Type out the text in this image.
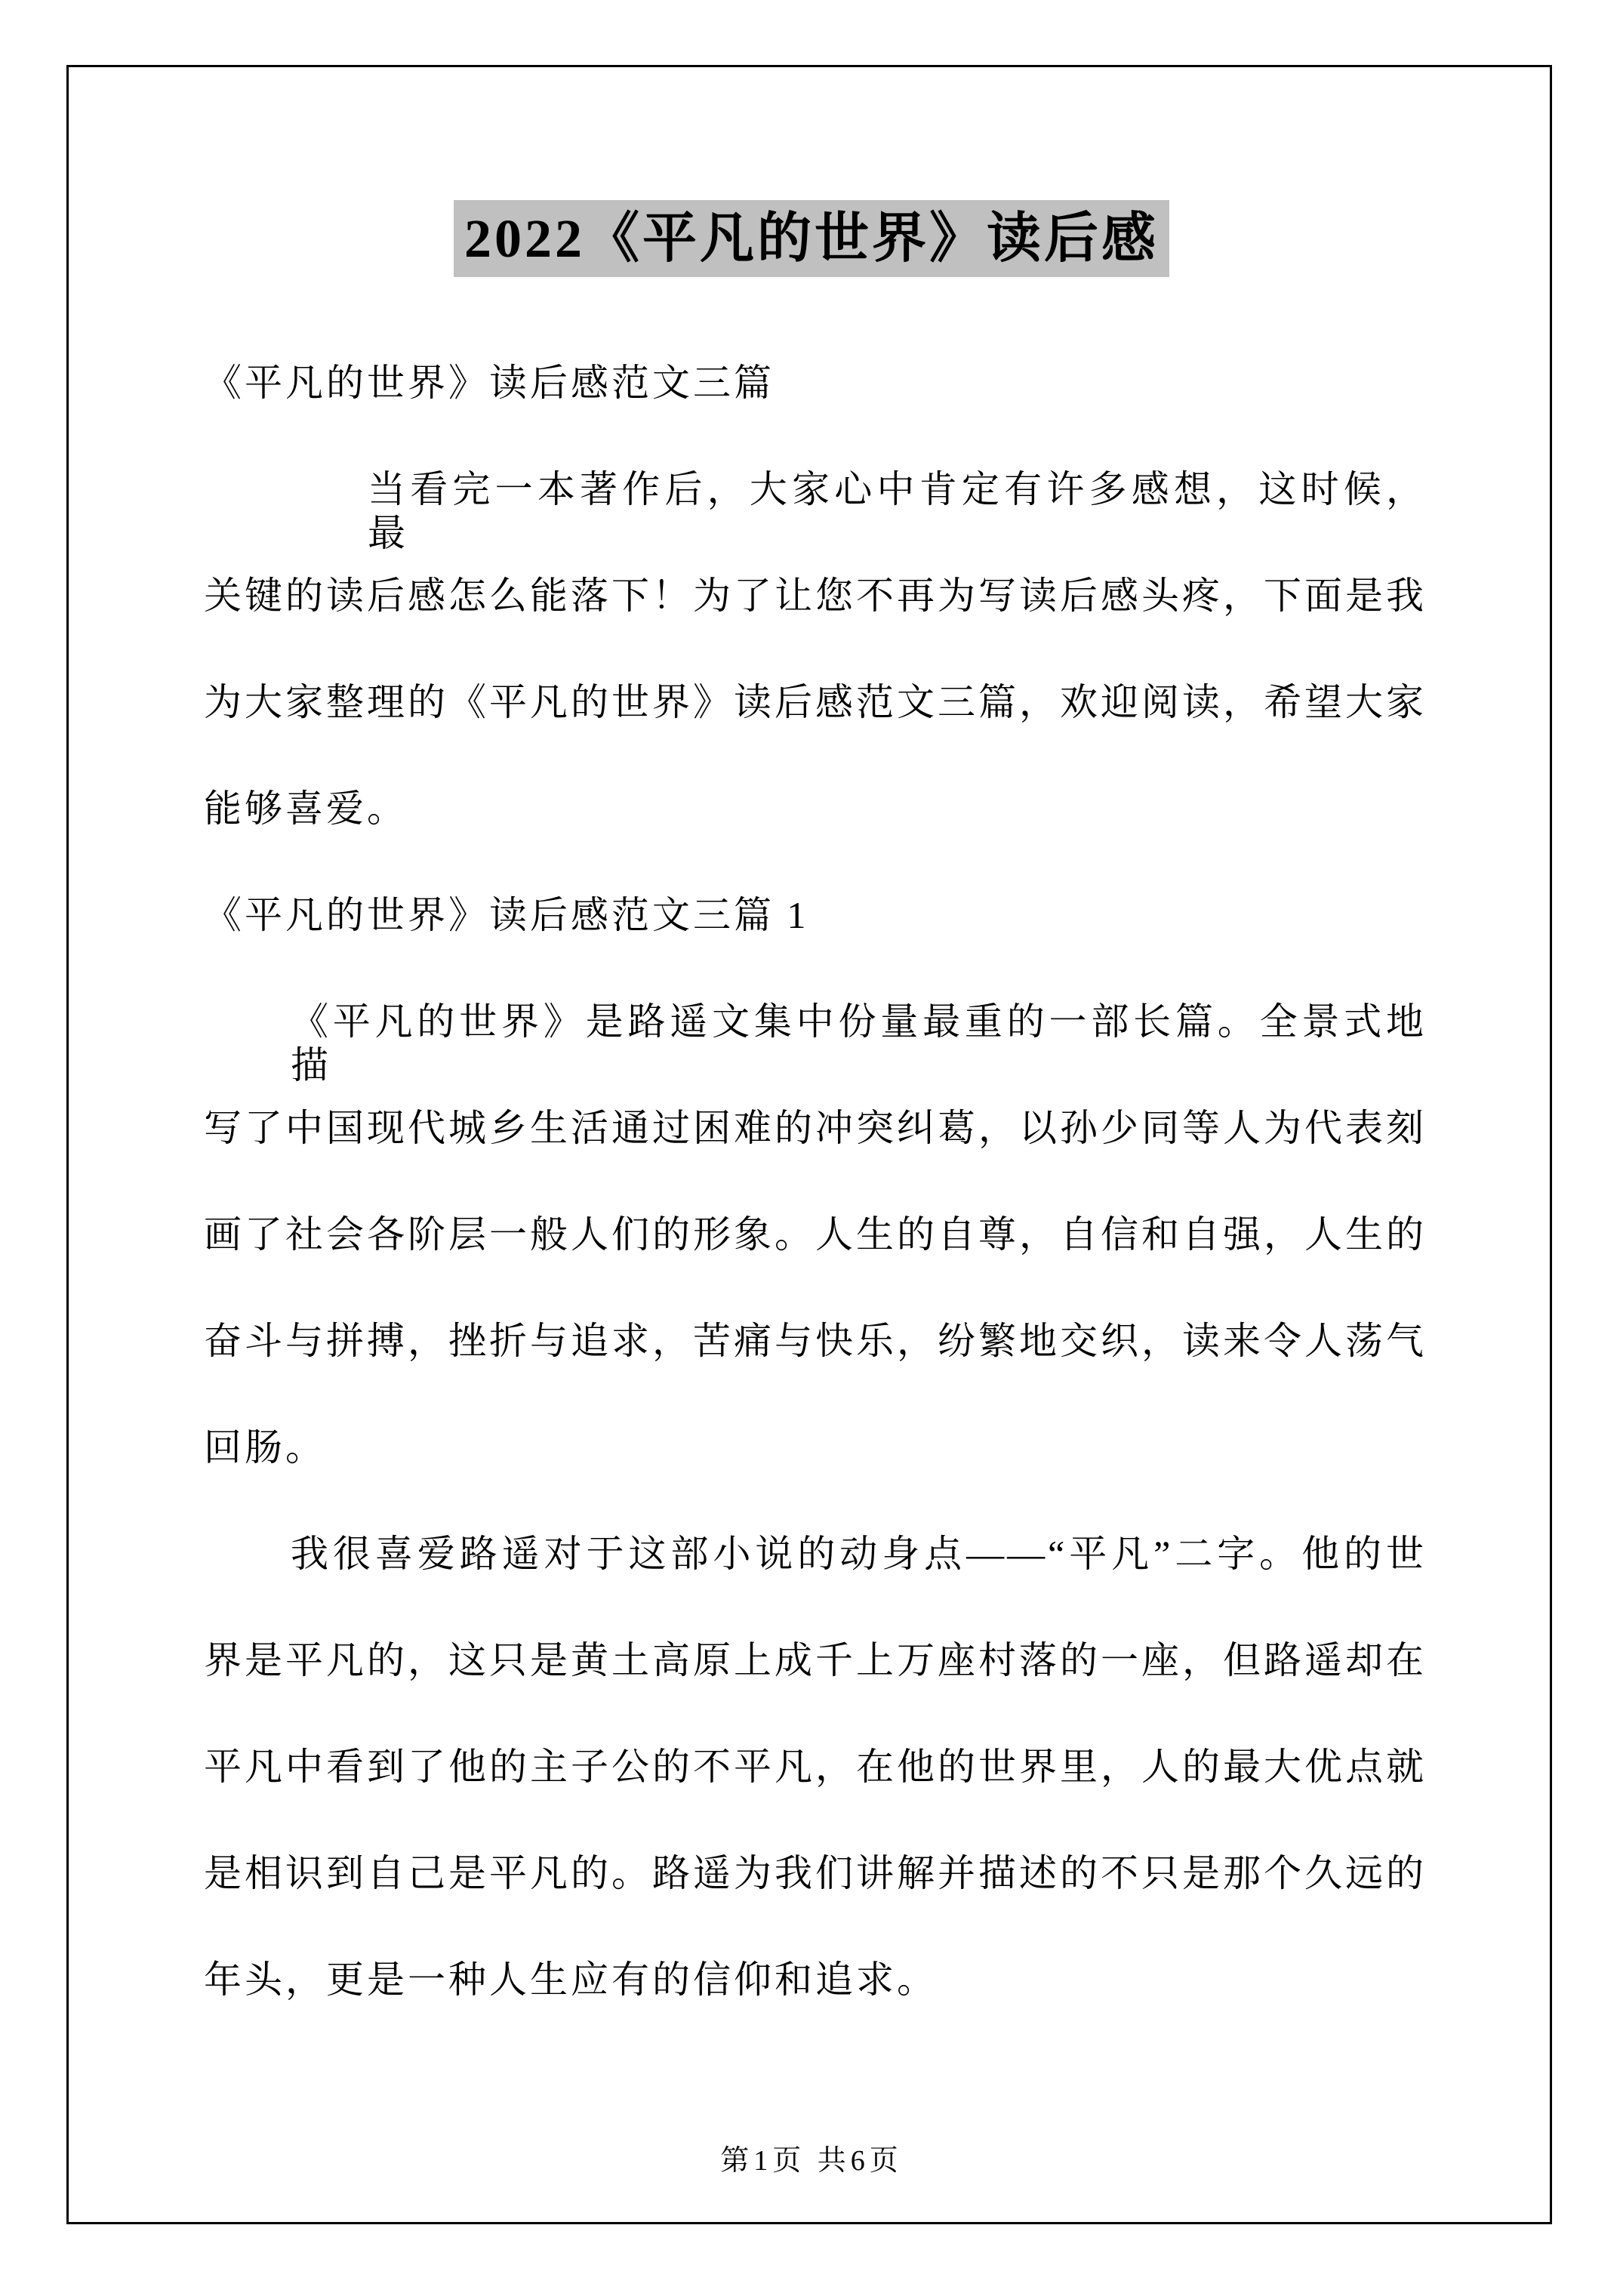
2022《平凡的世界》读后感
《平凡的世界》读后感范文三篇
当看完一本著作后，大家心中肯定有许多感想，这时候，最
关键的读后感怎么能落下！为了让您不再为写读后感头疼，下面是我
为大家整理的《平凡的世界》读后感范文三篇，欢迎阅读，希望大家
能够喜爱。
《平凡的世界》读后感范文三篇 1
《平凡的世界》是路遥文集中份量最重的一部长篇。全景式地描
写了中国现代城乡生活通过困难的冲突纠葛，以孙少同等人为代表刻
画了社会各阶层一般人们的形象。人生的自尊，自信和自强，人生的
奋斗与拼搏，挫折与追求，苦痛与快乐，纷繁地交织，读来令人荡气
回肠。
我很喜爱路遥对于这部小说的动身点——“平凡”二字。他的世
界是平凡的，这只是黄土高原上成千上万座村落的一座，但路遥却在
平凡中看到了他的主子公的不平凡，在他的世界里，人的最大优点就
是相识到自己是平凡的。路遥为我们讲解并描述的不只是那个久远的
年头，更是一种人生应有的信仰和追求。
第1页 共6页
